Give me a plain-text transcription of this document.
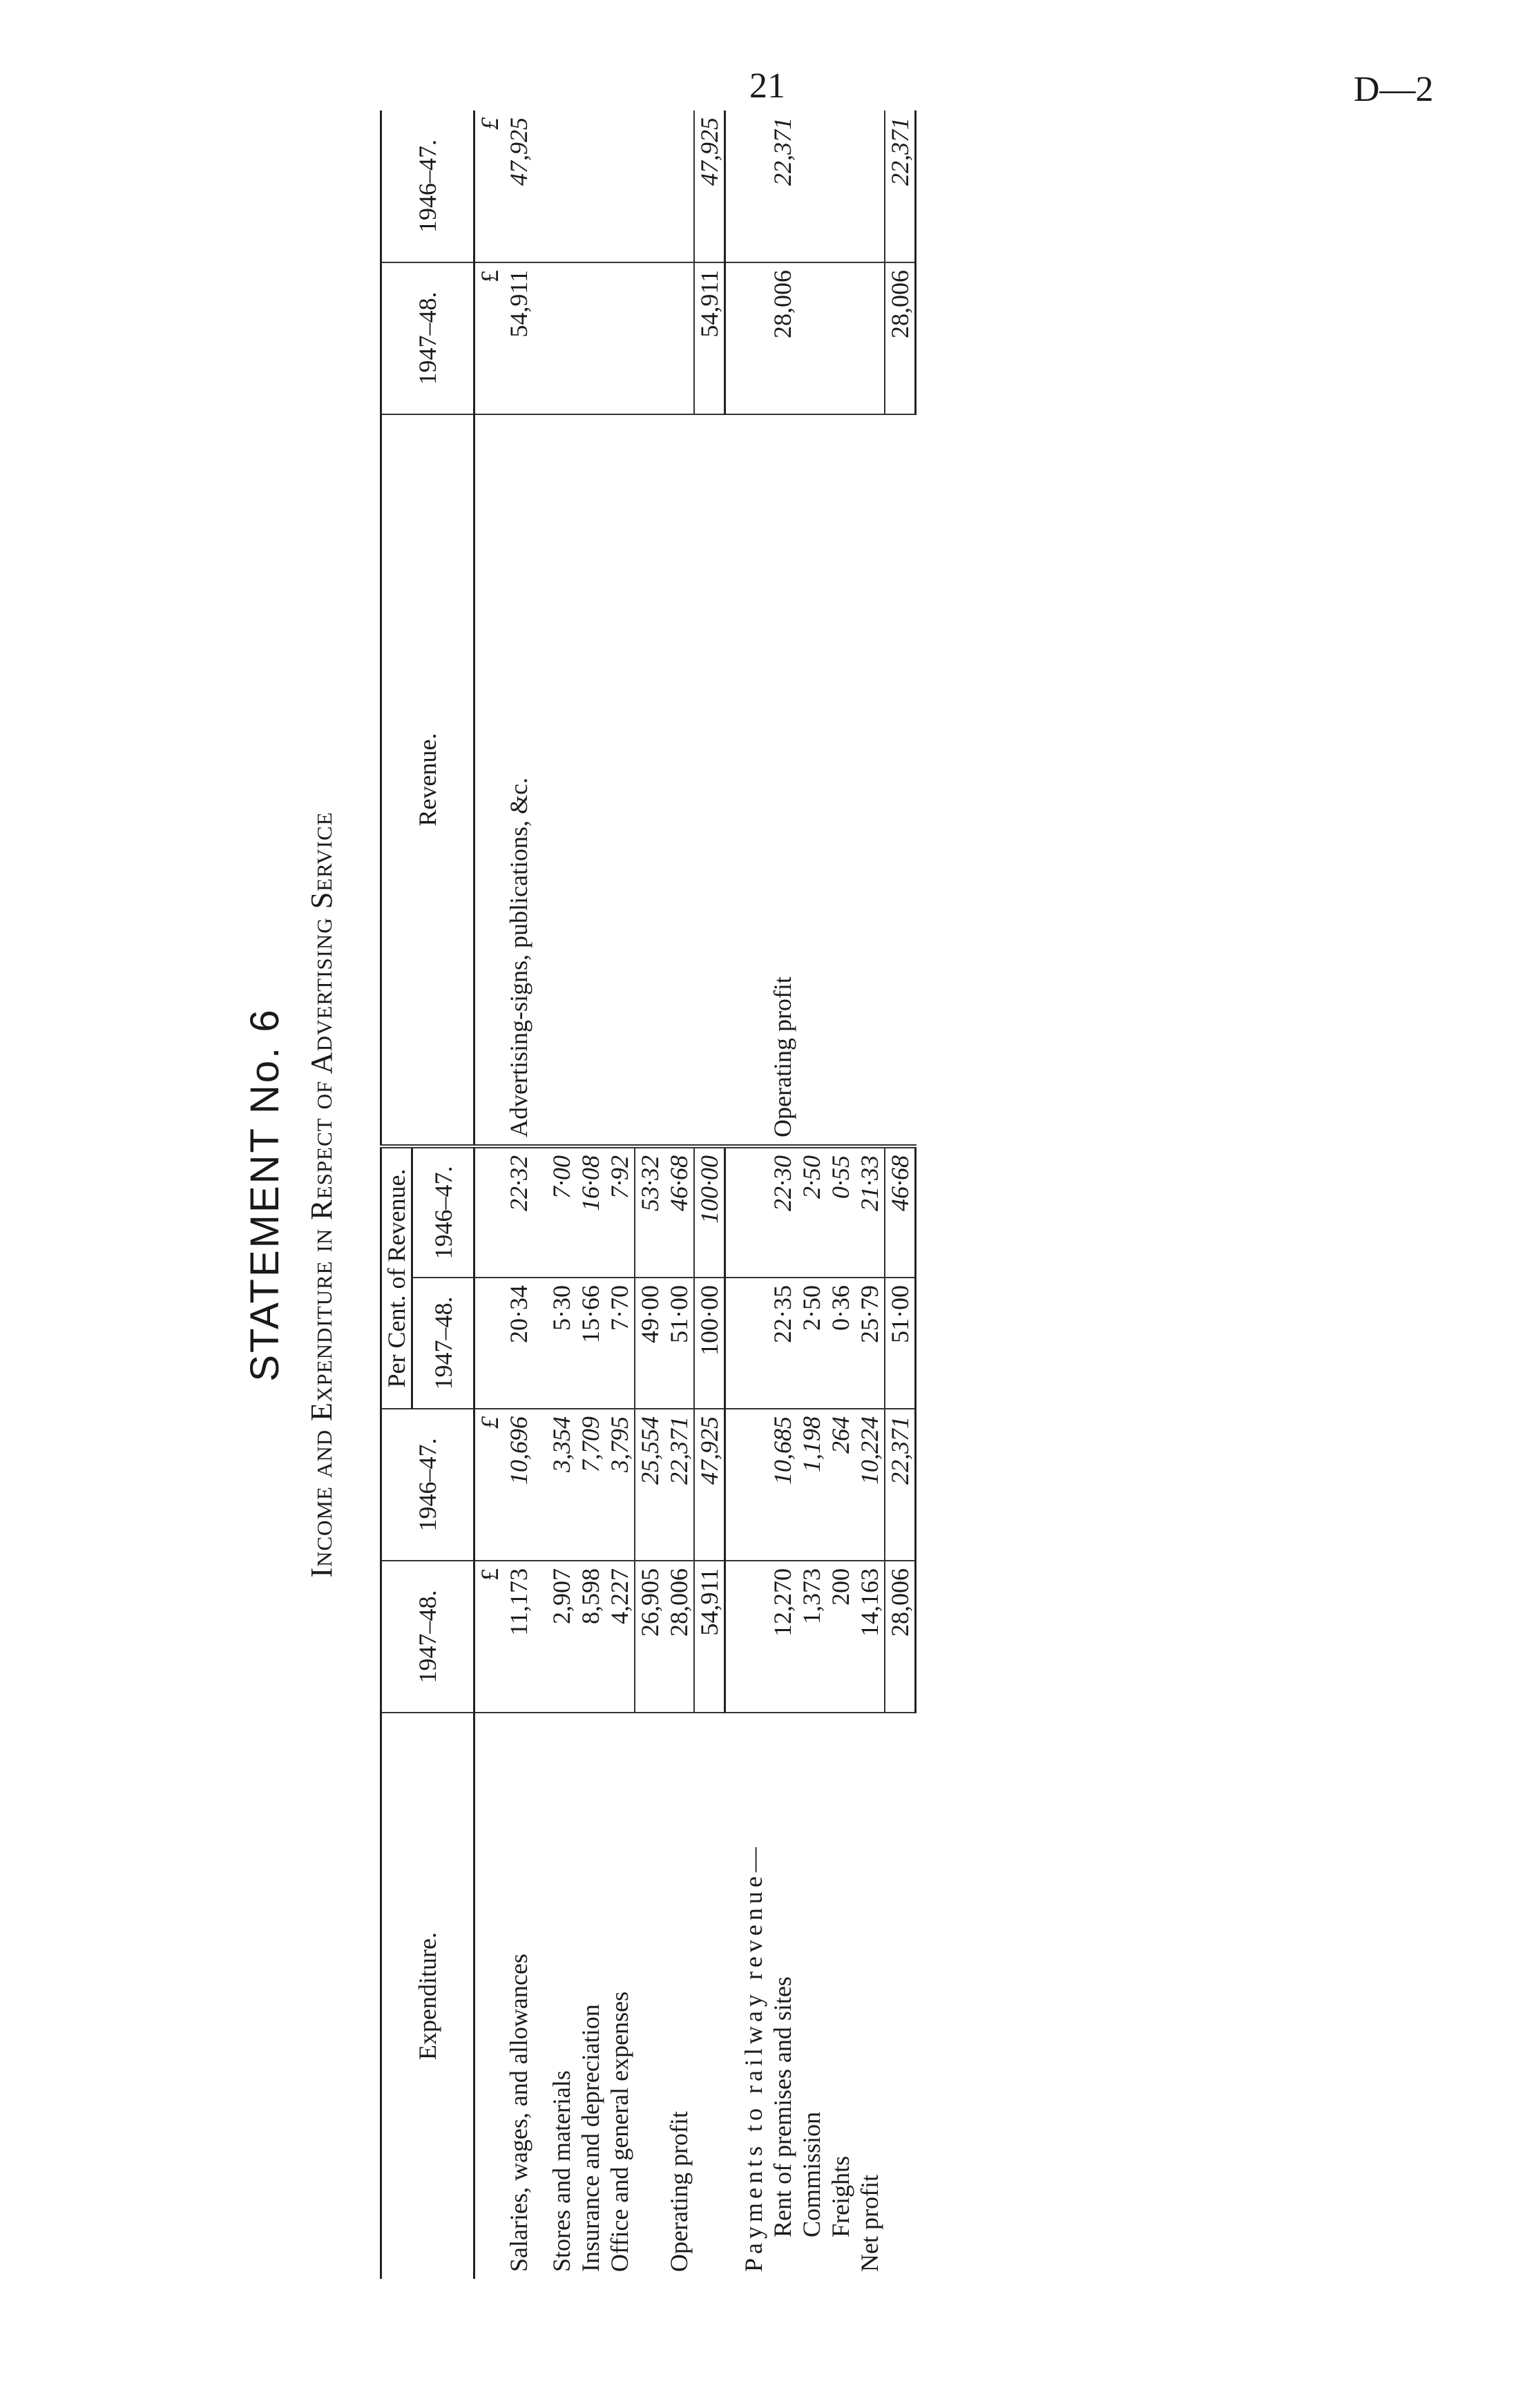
21	D—2
STATEMENT No. 6 Income and Expenditure in Respect of Advertising Service
Expenditure.	1947–48.	1946–47.	Per Cent. of Revenue.		Revenue.	1947–48.	1946–47.
			1947–48.	1946–47.			
	£	£				£	£
Salaries, wages, and allowances	11,173	10,696	20·34	22·32	Advertising-signs, publications, &c.	54,911	47,925

Stores and materials	2,907	3,354	5·30	7·00			
Insurance and depreciation	8,598	7,709	15·66	16·08			
Office and general expenses	4,227	3,795	7·70	7·92			
	26,905	25,554	49·00	53·32			
Operating profit	28,006	22,371	51·00	46·68			
	54,911	47,925	100·00	100·00		54,911	47,925

Payments to railway revenue—							
Rent of premises and sites	12,270	10,685	22·35	22·30	Operating profit	28,006	22,371
Commission	1,373	1,198	2·50	2·50			
Freights	200	264	0·36	0·55			
Net profit	14,163	10,224	25·79	21·33			
	28,006	22,371	51·00	46·68		28,006	22,371
